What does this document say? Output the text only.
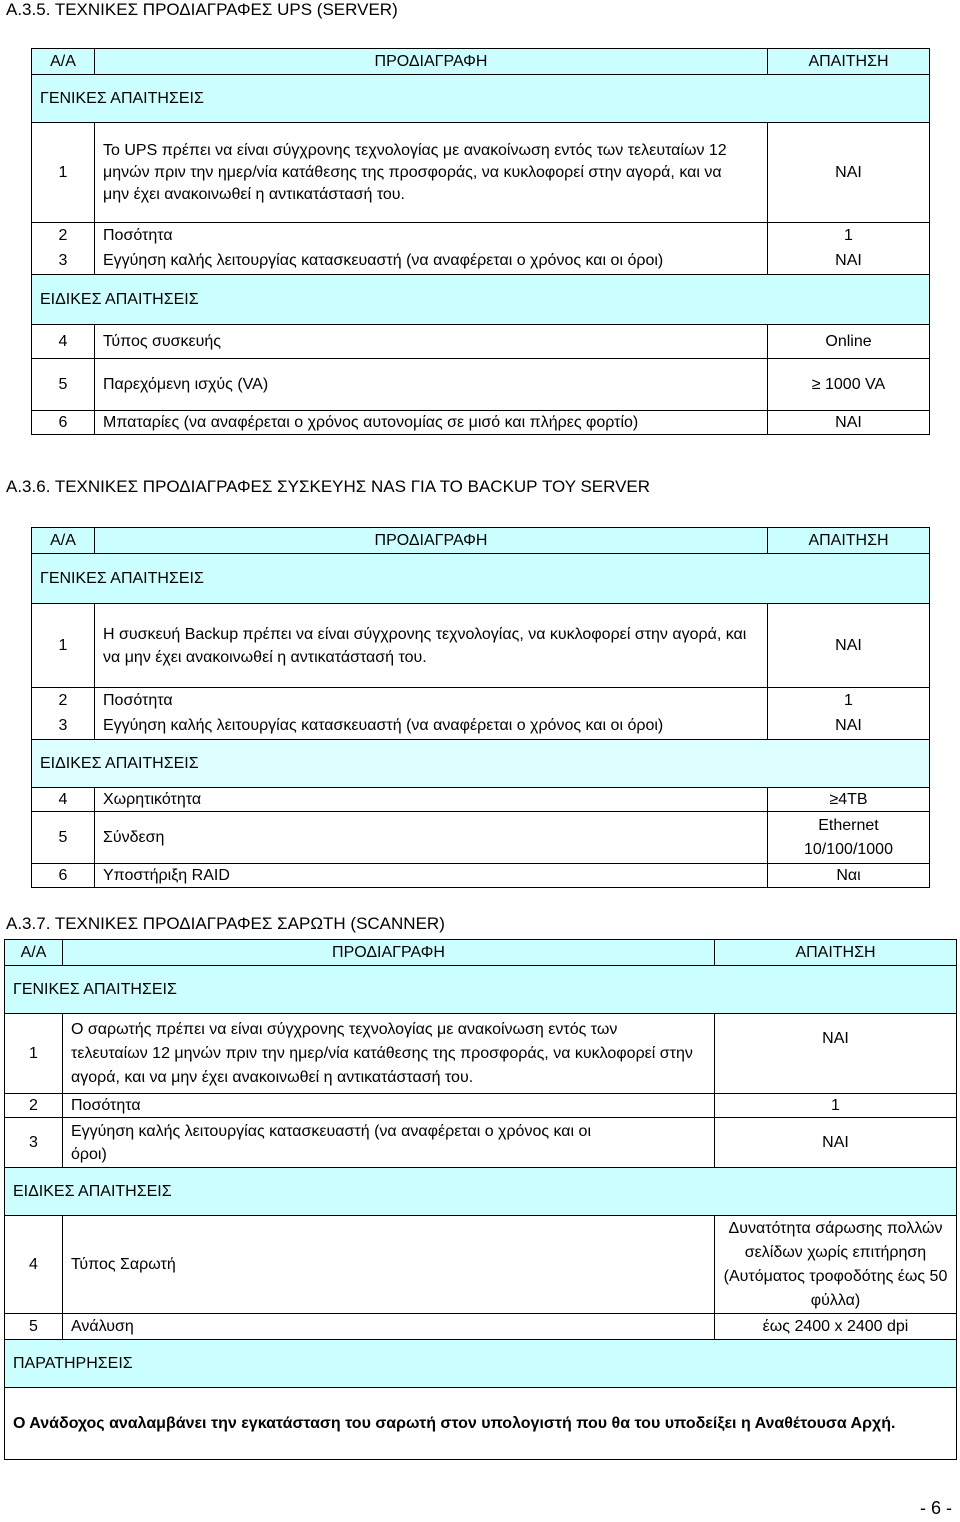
Α.3.5. ΤΕΧΝΙΚΕΣ ΠΡΟΔΙΑΓΡΑΦΕΣ UPS (SERVER)
Α/Α	ΠΡΟΔΙΑΓΡΑΦΗ	ΑΠΑΙΤΗΣΗ
ΓΕΝΙΚΕΣ ΑΠΑΙΤΗΣΕΙΣ		
1	Το UPS πρέπει να είναι σύγχρονης τεχνολογίας με ανακοίνωση εντός των τελευταίων 12 μηνών πριν την ημερ/νία κατάθεσης της προσφοράς, να κυκλοφορεί στην αγορά, και να μην έχει ανακοινωθεί η αντικατάστασή του.	ΝΑΙ
2	Ποσότητα	1
3	Εγγύηση καλής λειτουργίας κατασκευαστή (να αναφέρεται ο χρόνος και οι όροι)	ΝΑΙ
ΕΙΔΙΚΕΣ ΑΠΑΙΤΗΣΕΙΣ		
4	Τύπος συσκευής	Online
5	Παρεχόμενη ισχύς (VA)	≥ 1000 VA
6	Μπαταρίες (να αναφέρεται ο χρόνος αυτονομίας σε μισό και πλήρες φορτίο)	ΝΑΙ
Α.3.6. ΤΕΧΝΙΚΕΣ ΠΡΟΔΙΑΓΡΑΦΕΣ ΣΥΣΚΕΥΗΣ NAS ΓΙΑ ΤΟ BACKUP ΤΟΥ SERVER
Α/Α	ΠΡΟΔΙΑΓΡΑΦΗ	ΑΠΑΙΤΗΣΗ
ΓΕΝΙΚΕΣ ΑΠΑΙΤΗΣΕΙΣ		
1	Η συσκευή Backup πρέπει να είναι σύγχρονης τεχνολογίας, να κυκλοφορεί στην αγορά, και να μην έχει ανακοινωθεί η αντικατάστασή του.	ΝΑΙ
2	Ποσότητα	1
3	Εγγύηση καλής λειτουργίας κατασκευαστή (να αναφέρεται ο χρόνος και οι όροι)	ΝΑΙ
ΕΙΔΙΚΕΣ ΑΠΑΙΤΗΣΕΙΣ		
4	Χωρητικότητα	≥4TB
5	Σύνδεση	Ethernet 10/100/1000
6	Υποστήριξη RAID	Ναι
Α.3.7. ΤΕΧΝΙΚΕΣ ΠΡΟΔΙΑΓΡΑΦΕΣ ΣΑΡΩΤΗ (SCANNER)
Α/Α	ΠΡΟΔΙΑΓΡΑΦΗ	ΑΠΑΙΤΗΣΗ
ΓΕΝΙΚΕΣ ΑΠΑΙΤΗΣΕΙΣ		
1	Ο σαρωτής πρέπει να είναι σύγχρονης τεχνολογίας με ανακοίνωση εντός των τελευταίων 12 μηνών πριν την ημερ/νία κατάθεσης της προσφοράς, να κυκλοφορεί στην αγορά, και να μην έχει ανακοινωθεί η αντικατάστασή του.	ΝΑΙ
2	Ποσότητα	1
3	Εγγύηση καλής λειτουργίας κατασκευαστή (να αναφέρεται ο χρόνος και οι όροι)	ΝΑΙ
ΕΙΔΙΚΕΣ ΑΠΑΙΤΗΣΕΙΣ		
4	Τύπος Σαρωτή	Δυνατότητα σάρωσης πολλών σελίδων χωρίς επιτήρηση (Αυτόματος τροφοδότης έως 50 φύλλα)
5	Ανάλυση	έως 2400 x 2400 dpi
ΠΑΡΑΤΗΡΗΣΕΙΣ		
Ο Ανάδοχος αναλαμβάνει την εγκατάσταση του σαρωτή στον υπολογιστή που θα του υποδείξει η Αναθέτουσα Αρχή.		
- 6 -
